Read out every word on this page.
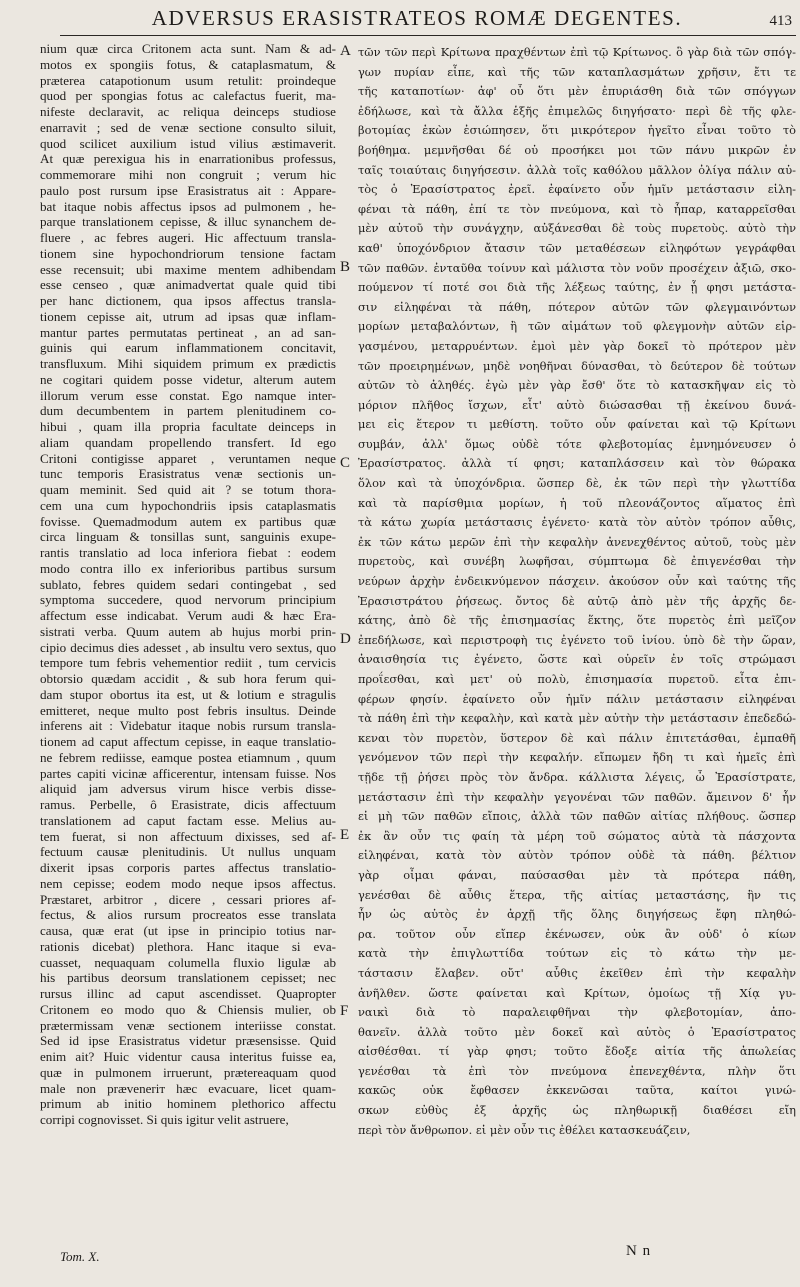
ADVERSUS ERASISTRATEOS ROMÆ DEGENTES.	413
nium quæ circa Critonem acta sunt. Nam & ad-
motos ex spongiis fotus, & cataplasmatum, &
præterea catapotionum usum retulit: proindeque
quod per spongias fotus ac calefactus fuerit, ma-
nifeste declaravit, ac reliqua deinceps studiose
enarravit ; sed de venæ sectione consulto siluit,
quod scilicet auxilium istud vilius æstimaverit.
At quæ perexigua his in enarrationibus professus,
commemorare mihi non congruit ; verum hic
paulo post rursum ipse Erasistratus ait : Appare-
bat itaque nobis affectus ipsos ad pulmonem , he-
parque translationem cepisse, & illuc synanchem de-
fluere , ac febres augeri. Hic affectuum transla-
tionem sine hypochondriorum tensione factam
esse recensuit; ubi maxime mentem adhibendam
esse censeo , quæ animadvertat quale quid tibi
per hanc dictionem, qua ipsos affectus transla-
tionem cepisse ait, utrum ad ipsas quæ inflam-
mantur partes permutatas pertineat , an ad san-
guinis qui earum inflammationem concitavit,
transfluxum. Mihi siquidem primum ex prædictis
ne cogitari quidem posse videtur, alterum autem
illorum verum esse constat. Ego namque inter-
dum decumbentem in partem plenitudinem co-
hibui , quam illa propria facultate deinceps in
aliam quandam propellendo transfert. Id ego
Critoni contigisse apparet , veruntamen neque
tunc temporis Erasistratus venæ sectionis un-
quam meminit. Sed quid ait ? se totum thora-
cem una cum hypochondriis ipsis cataplasmatis
fovisse. Quemadmodum autem ex partibus quæ
circa linguam & tonsillas sunt, sanguinis exupe-
rantis translatio ad loca inferiora fiebat : eodem
modo contra illo ex inferioribus partibus sursum
sublato, febres quidem sedari contingebat , sed
symptoma succedere, quod nervorum principium
affectum esse indicabat. Verum audi & hæc Era-
sistrati verba. Quum autem ab hujus morbi prin-
cipio decimus dies adesset , ab insultu vero sextus, quo
tempore tum febris vehementior rediit , tum cervicis
obtorsio quædam accidit , & sub hora ferum qui-
dam stupor obortus ita est, ut & lotium e stragulis
emitteret, neque multo post febris insultus. Deinde
inferens ait : Videbatur itaque nobis rursum transla-
tionem ad caput affectum cepisse, in eaque translatio-
ne febrem rediisse, eamque postea etiamnum , quum
partes capiti vicinæ afficerentur, intensam fuisse. Nos
aliquid jam adversus virum hisce verbis disse-
ramus. Perbelle, ô Erasistrate, dicis affectuum
translationem ad caput factam esse. Melius au-
tem fuerat, si non affectuum dixisses, sed af-
fectuum causæ plenitudinis. Ut nullus unquam
dixerit ipsas corporis partes affectus translatio-
nem cepisse; eodem modo neque ipsos affectus.
Præstaret, arbitror , dicere , cessari priores af-
fectus, & alios rursum procreatos esse translata
causa, quæ erat (ut ipse in principio totius nar-
rationis dicebat) plethora. Hanc itaque si eva-
cuasset, nequaquam columella fluxio ligulæ ab
his partibus deorsum translationem cepisset; nec
rursus illinc ad caput ascendisset. Quapropter
Critonem eo modo quo & Chiensis mulier, ob
prætermissam venæ sectionem interiisse constat.
Sed id ipse Erasistratus videtur præsensisse. Quid
enim ait? Huic videntur causa interitus fuisse ea,
quæ in pulmonem irruerunt, prætereaquam quod
male non præveneriт hæc evacuare, licet quam-
primum ab initio hominem plethorico affectu
corripi cognovisset. Si quis igitur velit astruere,
τῶν τῶν περὶ Κρίτωνα πραχθέντων ἐπὶ τῷ Κρίτωνος. ὃ γὰρ διὰ τῶν σπόγ-
γων πυρίαν εἶπε, καὶ τῆς τῶν καταπλασμάτων χρῆσιν, ἔτι τε
τῆς καταποτίων· ἀφ' οὗ ὅτι μὲν ἐπυριάσθη διὰ τῶν σπόγγων
ἐδήλωσε, καὶ τὰ ἄλλα ἑξῆς ἐπιμελῶς διηγήσατο· περὶ δὲ τῆς φλε-
βοτομίας ἑκὼν ἐσιώπησεν, ὅτι μικρότερον ἡγεῖτο εἶναι τοῦτο τὸ
βοήθημα. μεμνῆσθαι δέ οὐ προσήκει μοι τῶν πάνυ μικρῶν ἐν
ταῖς τοιαύταις διηγήσεσιν. ἀλλὰ τοῖς καθόλου μᾶλλον ὀλίγα πάλιν αὐ-
τὸς ὁ Ἐρασίστρατος ἐρεῖ. ἐφαίνετο οὖν ἡμῖν μετάστασιν εἰλη-
φέναι τὰ πάθη, ἐπί τε τὸν πνεύμονα, καὶ τὸ ἧπαρ, καταρρεῖσθαι
μὲν αὐτοῦ τὴν συνάγχην, αὐξάνεσθαι δὲ τοὺς πυρετοὺς. αὐτὸ τὴν
καθ' ὑποχόνδριον ἄτασιν τῶν μεταθέσεων εἰληφότων γεγράφθαι
τῶν παθῶν. ἐνταῦθα τοίνυν καὶ μάλιστα τὸν νοῦν προσέχειν ἀξιῶ, σκο-
πούμενον τί ποτέ σοι διὰ τῆς λέξεως ταύτης, ἐν ᾗ φησι μετάστα-
σιν εἰληφέναι τὰ πάθη, πότερον αὐτῶν τῶν φλεγμαινόντων
μορίων μεταβαλόντων, ἢ τῶν αἱμάτων τοῦ φλεγμονὴν αὐτῶν εἰρ-
γασμένου, μεταρρυέντων. ἐμοὶ μὲν γὰρ δοκεῖ τὸ πρότερον μὲν
τῶν προειρημένων, μηδὲ νοηθῆναι δύνασθαι, τὸ δεύτερον δὲ τούτων
αὐτῶν τὸ ἀληθές. ἐγὼ μὲν γὰρ ἔσθ' ὅτε τὸ κατασκῆψαν εἰς τὸ
μόριον πλῆθος ἴσχων, εἶτ' αὐτὸ διώσασθαι τῇ ἐκείνου δυνά-
μει εἰς ἕτερον τι μεθίστη. τοῦτο οὖν φαίνεται καὶ τῷ Κρίτωνι
συμβάν, ἀλλ' ὅμως οὐδὲ τότε φλεβοτομίας ἐμνημόνευσεν ὁ
Ἐρασίστρατος. ἀλλὰ τί φησι; καταπλάσσειν καὶ τὸν θώρακα
ὅλον καὶ τὰ ὑποχόνδρια. ὥσπερ δὲ, ἐκ τῶν περὶ τὴν γλωττίδα
καὶ τὰ παρίσθμια μορίων, ἡ τοῦ πλεονάζοντος αἵματος ἐπὶ
τὰ κάτω χωρία μετάστασις ἐγένετο· κατὰ τὸν αὐτὸν τρόπον αὖθις,
ἐκ τῶν κάτω μερῶν ἐπὶ τὴν κεφαλὴν ἀνενεχθέντος αὐτοῦ, τοὺς μὲν
πυρετοὺς, καὶ συνέβη λωφῆσαι, σύμπτωμα δὲ ἐπιγενέσθαι τὴν
νεύρων ἀρχὴν ἐνδεικνύμενον πάσχειν. ἀκούσον οὖν καὶ ταύτης τῆς
Ἐρασιστράτου ῥήσεως. ὄντος δὲ αὐτῷ ἀπὸ μὲν τῆς ἀρχῆς δε-
κάτης, ἀπὸ δὲ τῆς ἐπισημασίας ἕκτης, ὅτε πυρετὸς ἐπὶ μεῖζον
ἐπεδήλωσε, καὶ περιστροφὴ τις ἐγένετο τοῦ ἰνίου. ὑπὸ δὲ τὴν ὥραν,
ἀναισθησία τις ἐγένετο, ὥστε καὶ οὐρεῖν ἐν τοῖς στρώμασι
προΐεσθαι, καὶ μετ' οὐ πολὺ, ἐπισημασία πυρετοῦ. εἶτα ἐπι-
φέρων φησίν. ἐφαίνετο οὖν ἡμῖν πάλιν μετάστασιν εἰληφέναι
τὰ πάθη ἐπὶ τὴν κεφαλὴν, καὶ κατὰ μὲν αὐτὴν τὴν μετάστασιν ἐπεδεδώ-
κεναι τὸν πυρετὸν, ὕστερον δὲ καὶ πάλιν ἐπιτετάσθαι, ἐμπαθῆ
γενόμενον τῶν περὶ τὴν κεφαλήν. εἴπωμεν ἤδη τι καὶ ἡμεῖς ἐπὶ
τῇδε τῇ ῥήσει πρὸς τὸν ἄνδρα. κάλλιστα λέγεις, ὦ Ἐρασίστρατε,
μετάστασιν ἐπὶ τὴν κεφαλὴν γεγονέναι τῶν παθῶν. ἄμεινον δ' ἦν
εἰ μὴ τῶν παθῶν εἴποις, ἀλλὰ τῶν παθῶν αἰτίας πλήθους. ὥσπερ
ἐκ ἂν οὖν τις φαίη τὰ μέρη τοῦ σώματος αὐτὰ τὰ πάσχοντα
εἰληφέναι, κατὰ τὸν αὐτὸν τρόπον οὐδὲ τὰ πάθη. βέλτιον
γὰρ οἶμαι φάναι, παύσασθαι μὲν τὰ πρότερα πάθη,
γενέσθαι δὲ αὖθις ἕτερα, τῆς αἰτίας μεταστάσης, ἣν τις
ἦν ὡς αὐτὸς ἐν ἀρχῇ τῆς ὅλης διηγήσεως ἔφη πληθώ-
ρα. τοῦτον οὖν εἴπερ ἐκένωσεν, οὐκ ἂν οὐδ' ὁ κίων
κατὰ τὴν ἐπιγλωττίδα τούτων εἰς τὸ κάτω τὴν με-
τάστασιν ἔλαβεν. οὔτ' αὖθις ἐκεῖθεν ἐπὶ τὴν κεφαλὴν
ἀνῆλθεν. ὥστε φαίνεται καὶ Κρίτων, ὁμοίως τῇ Χίᾳ γυ-
ναικὶ διὰ τὸ παραλειφθῆναι τὴν φλεβοτομίαν, ἀπο-
θανεῖν. ἀλλὰ τοῦτο μὲν δοκεῖ καὶ αὐτὸς ὁ Ἐρασίστρατος
αἰσθέσθαι. τί γὰρ φησι; τοῦτο ἔδοξε αἰτία τῆς ἀπωλείας
γενέσθαι τὰ ἐπὶ τὸν πνεύμονα ἐπενεχθέντα, πλὴν ὅτι
κακῶς οὐκ ἔφθασεν ἐκκενῶσαι ταῦτα, καίτοι γινώ-
σκων εὐθὺς ἐξ ἀρχῆς ὡς πληθωρικῇ διαθέσει εἴη
περὶ τὸν ἄνθρωπον. εἰ μὲν οὖν τις ἐθέλει κατασκευάζειν,
A
B
C
D
E
F
Tom. X.	N n
